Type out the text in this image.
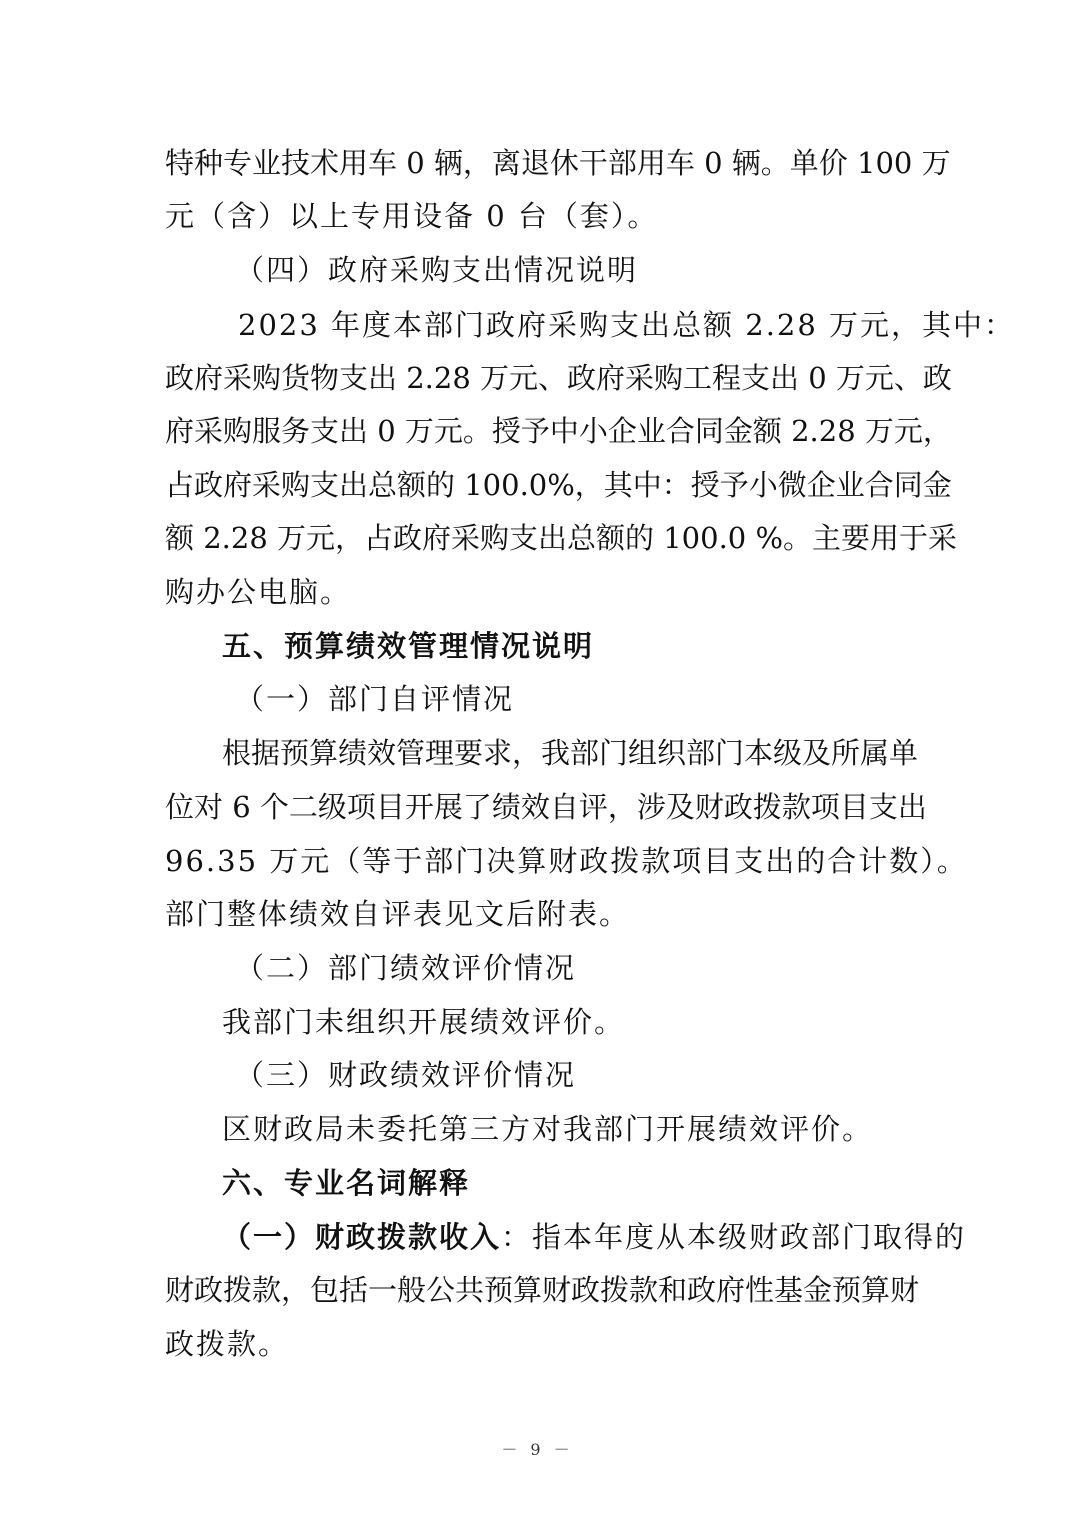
特种专业技术用车 0 辆，离退休干部用车 0 辆。单价 100 万
元（含）以上专用设备 0 台（套）。
（四）政府采购支出情况说明
2023 年度本部门政府采购支出总额 2.28 万元，其中：
政府采购货物支出 2.28 万元、政府采购工程支出 0 万元、政
府采购服务支出 0 万元。授予中小企业合同金额 2.28 万元，
占政府采购支出总额的 100.0%，其中：授予小微企业合同金
额 2.28 万元，占政府采购支出总额的 100.0 %。主要用于采
购办公电脑。
五、预算绩效管理情况说明
（一）部门自评情况
根据预算绩效管理要求，我部门组织部门本级及所属单
位对 6 个二级项目开展了绩效自评，涉及财政拨款项目支出
96.35 万元（等于部门决算财政拨款项目支出的合计数）。
部门整体绩效自评表见文后附表。
（二）部门绩效评价情况
我部门未组织开展绩效评价。
（三）财政绩效评价情况
区财政局未委托第三方对我部门开展绩效评价。
六、专业名词解释
（一）财政拨款收入：指本年度从本级财政部门取得的
财政拨款，包括一般公共预算财政拨款和政府性基金预算财
政拨款。
－ 9 －
